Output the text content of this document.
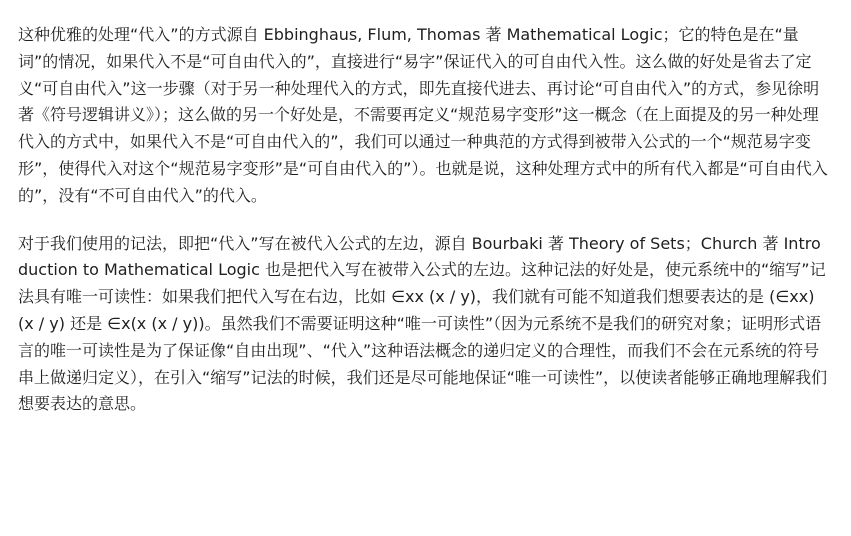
这种优雅的处理“代入”的方式源自 Ebbinghaus, Flum, Thomas 著 Mathematical Logic；它的特色是在“量词”的情况，如果代入不是“可自由代入的”，直接进行“易字”保证代入的可自由代入性。这么做的好处是省去了定义“可自由代入”这一步骤（对于另一种处理代入的方式，即先直接代进去、再讨论“可自由代入”的方式，参见徐明著《符号逻辑讲义》）；这么做的另一个好处是，不需要再定义“规范易字变形”这一概念（在上面提及的另一种处理代入的方式中，如果代入不是“可自由代入的”，我们可以通过一种典范的方式得到被带入公式的一个“规范易字变形”，使得代入对这个“规范易字变形”是“可自由代入的”）。也就是说，这种处理方式中的所有代入都是“可自由代入的”，没有“不可自由代入”的代入。

对于我们使用的记法，即把“代入”写在被代入公式的左边，源自 Bourbaki 著 Theory of Sets；Church 著 Introduction to Mathematical Logic 也是把代入写在被带入公式的左边。这种记法的好处是，使元系统中的“缩写”记法具有唯一可读性：如果我们把代入写在右边，比如 ∈xx (x / y)，我们就有可能不知道我们想要表达的是 (∈xx) (x / y) 还是 ∈x(x (x / y))。虽然我们不需要证明这种“唯一可读性”（因为元系统不是我们的研究对象；证明形式语言的唯一可读性是为了保证像“自由出现”、“代入”这种语法概念的递归定义的合理性，而我们不会在元系统的符号串上做递归定义），在引入“缩写”记法的时候，我们还是尽可能地保证“唯一可读性”，以使读者能够正确地理解我们想要表达的意思。
